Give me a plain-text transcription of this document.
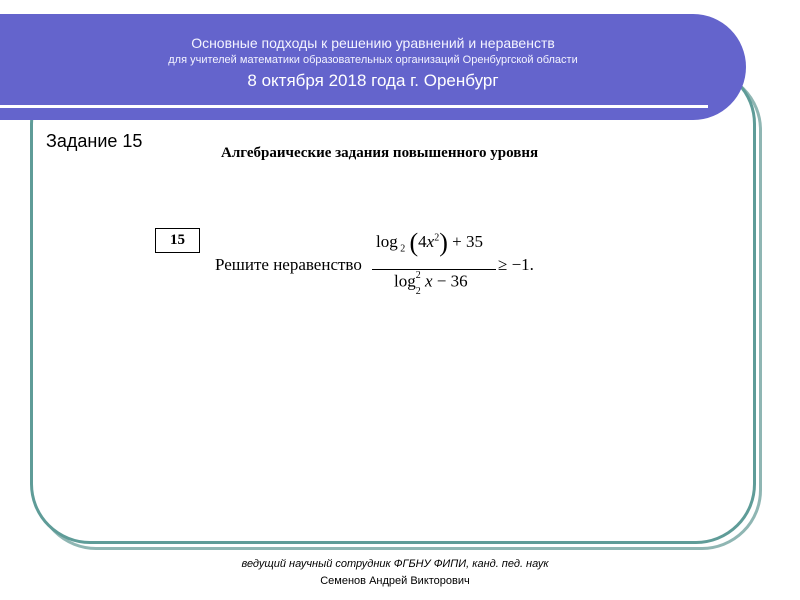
Основные подходы к решению уравнений и неравенств
для учителей математики образовательных организаций Оренбургской области
8 октября 2018 года г. Оренбург
Задание 15
Алгебраические задания повышенного уровня
15
Решите неравенство
log $_2$ $(4x^2) + 35$
$\log^2$
$_2$ x − 36
≥ −1.
ведущий научный сотрудник ФГБНУ ФИПИ, канд. пед. наук
Семенов Андрей Викторович
